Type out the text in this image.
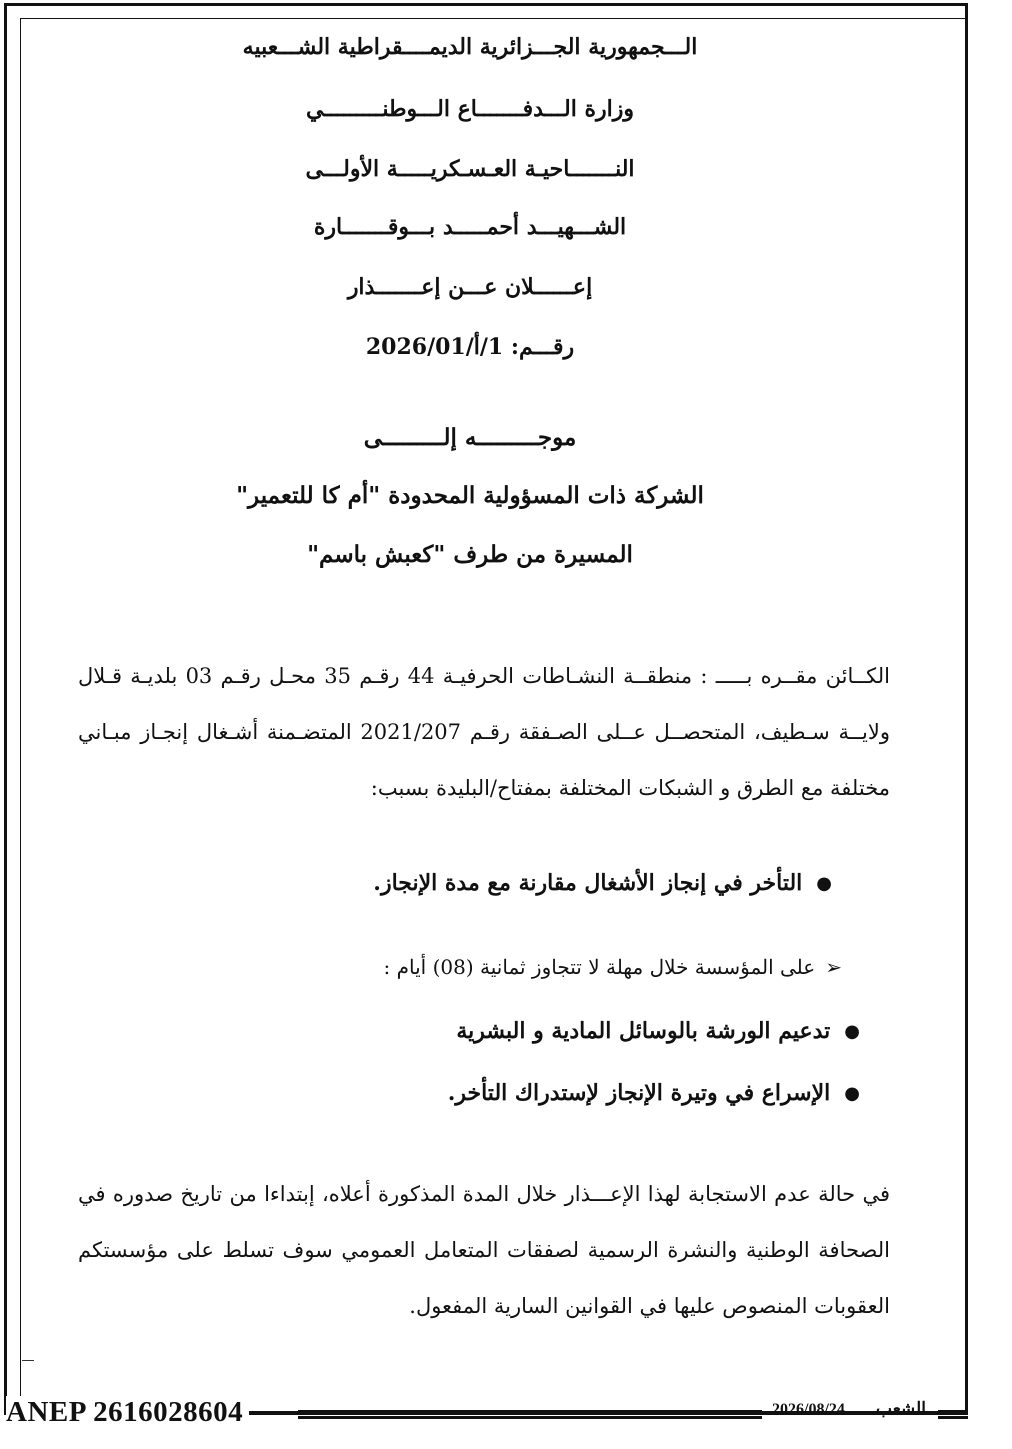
الـــجمهورية الجـــزائرية الديمــــقراطية الشـــعبيه
وزارة الـــدفـــــــاع الـــوطنـــــــــي
النـــــــاحيـة العـسـكريـــــة الأولـــى
الشـــهيـــد أحمـــــد بـــوقـــــــارة
إعــــــلان عـــن إعـــــــذار
رقـــم: 1/أ/2026/01
موجـــــــــه إلـــــــــى
الشركة ذات المسؤولية المحدودة "أم كا للتعمير"
المسيرة من طرف "كعبش باسم"
الكــائن مقــره بـــــ : منطقــة النشـاطات الحرفيـة 44 رقـم 35 محـل رقـم 03 بلديـة قـلال ولايــة سـطيف، المتحصــل عــلى الصـفقة رقـم 2021/207 المتضـمنة أشـغال إنجـاز مبـاني مختلفة مع الطرق و الشبكات المختلفة بمفتاح/البليدة بسبب:
●
التأخر في إنجاز الأشغال مقارنة مع مدة الإنجاز.
➢
على المؤسسة خلال مهلة لا تتجاوز ثمانية (08) أيام :
●
تدعيم الورشة بالوسائل المادية و البشرية
●
الإسراع في وتيرة الإنجاز لإستدراك التأخر.
في حالة عدم الاستجابة لهذا الإعـــذار خلال المدة المذكورة أعلاه، إبتداءا من تاريخ صدوره في الصحافة الوطنية والنشرة الرسمية لصفقات المتعامل العمومي سوف تسلط على مؤسستكم العقوبات المنصوص عليها في القوانين السارية المفعول.
ANEP 2616028604	2026/08/24 الشعب
